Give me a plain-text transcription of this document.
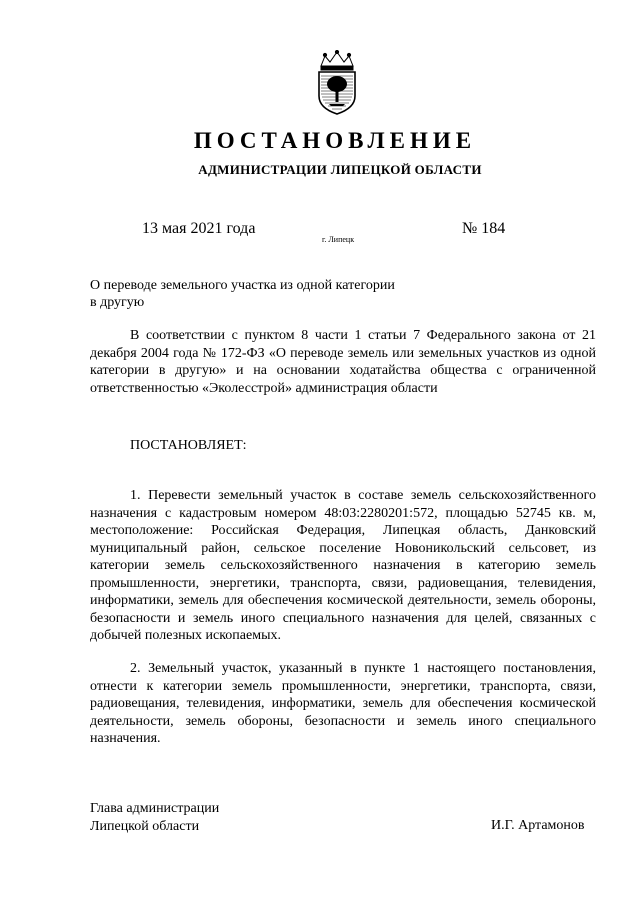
ПОСТАНОВЛЕНИЕ
АДМИНИСТРАЦИИ ЛИПЕЦКОЙ ОБЛАСТИ
13 мая 2021 года
г. Липецк
№ 184
О переводе земельного участка из одной категории
в другую

В соответствии с пунктом 8 части 1 статьи 7 Федерального закона от 21 декабря 2004 года № 172-ФЗ «О переводе земель или земельных участков из одной категории в другую» и на основании ходатайства общества с ограниченной ответственностью «Эколесстрой» администрация области

ПОСТАНОВЛЯЕТ:

1. Перевести земельный участок в составе земель сельскохозяйственного назначения с кадастровым номером 48:03:2280201:572, площадью 52745 кв. м, местоположение: Российская Федерация, Липецкая область, Данковский муниципальный район, сельское поселение Новоникольский сельсовет, из категории земель сельскохозяйственного назначения в категорию земель промышленности, энергетики, транспорта, связи, радиовещания, телевидения, информатики, земель для обеспечения космической деятельности, земель обороны, безопасности и земель иного специального назначения для целей, связанных с добычей полезных ископаемых.

2. Земельный участок, указанный в пункте 1 настоящего постановления, отнести к категории земель промышленности, энергетики, транспорта, связи, радиовещания, телевидения, информатики, земель для обеспечения космической деятельности, земель обороны, безопасности и земель иного специального назначения.

Глава администрации
Липецкой области	И.Г. Артамонов
